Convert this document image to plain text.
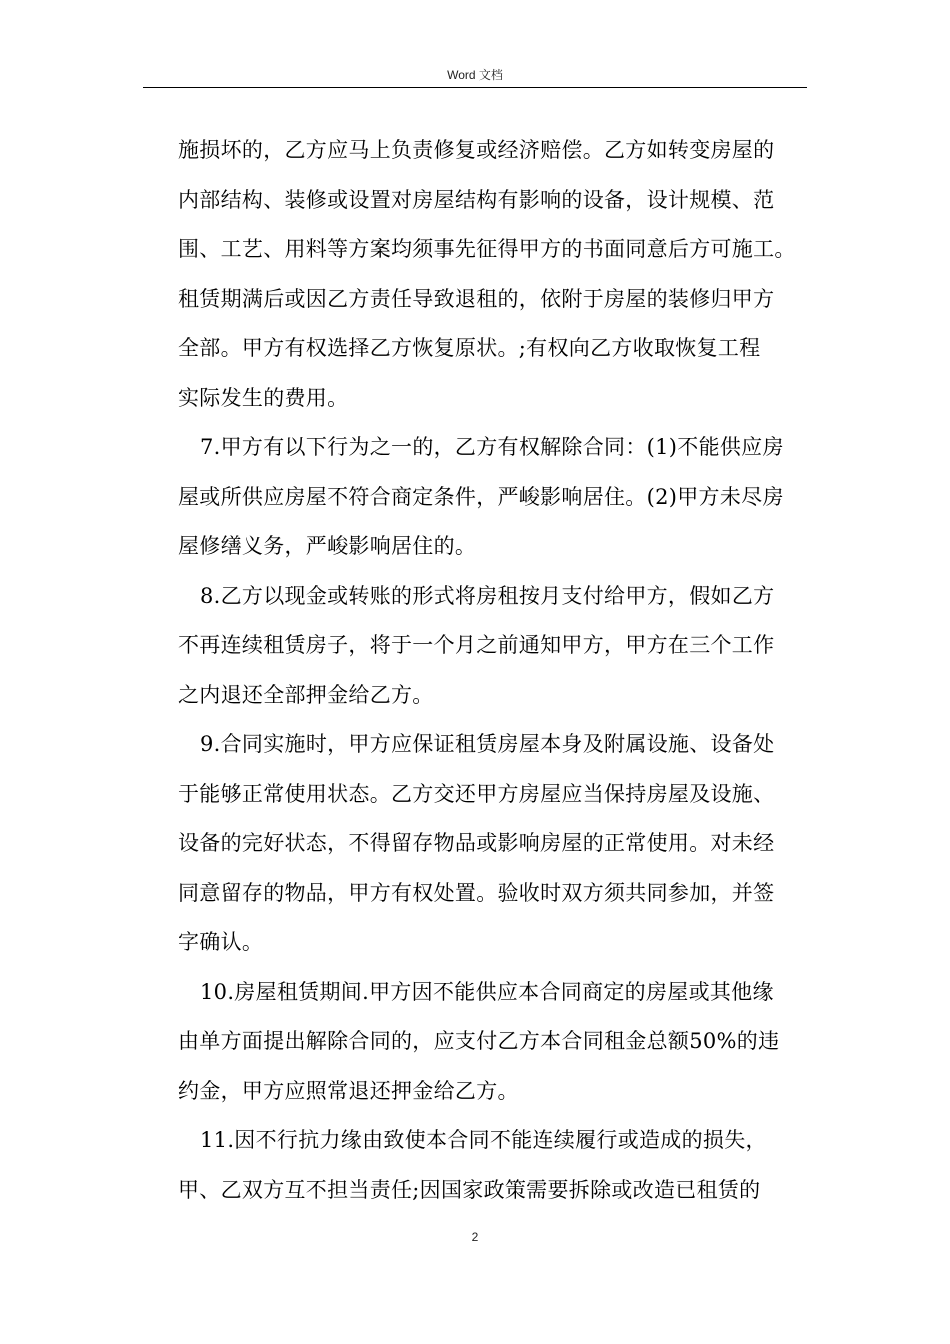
Word 文档
施损坏的，乙方应马上负责修复或经济赔偿。乙方如转变房屋的
内部结构、装修或设置对房屋结构有影响的设备，设计规模、范
围、工艺、用料等方案均须事先征得甲方的书面同意后方可施工。
租赁期满后或因乙方责任导致退租的，依附于房屋的装修归甲方
全部。甲方有权选择乙方恢复原状。;有权向乙方收取恢复工程
实际发生的费用。
7.甲方有以下行为之一的，乙方有权解除合同：(1)不能供应房
屋或所供应房屋不符合商定条件，严峻影响居住。(2)甲方未尽房
屋修缮义务，严峻影响居住的。
8.乙方以现金或转账的形式将房租按月支付给甲方，假如乙方
不再连续租赁房子，将于一个月之前通知甲方，甲方在三个工作
之内退还全部押金给乙方。
9.合同实施时，甲方应保证租赁房屋本身及附属设施、设备处
于能够正常使用状态。乙方交还甲方房屋应当保持房屋及设施、
设备的完好状态，不得留存物品或影响房屋的正常使用。对未经
同意留存的物品，甲方有权处置。验收时双方须共同参加，并签
字确认。
10.房屋租赁期间.甲方因不能供应本合同商定的房屋或其他缘
由单方面提出解除合同的，应支付乙方本合同租金总额50%的违
约金，甲方应照常退还押金给乙方。
11.因不行抗力缘由致使本合同不能连续履行或造成的损失，
甲、乙双方互不担当责任;因国家政策需要拆除或改造已租赁的
2
